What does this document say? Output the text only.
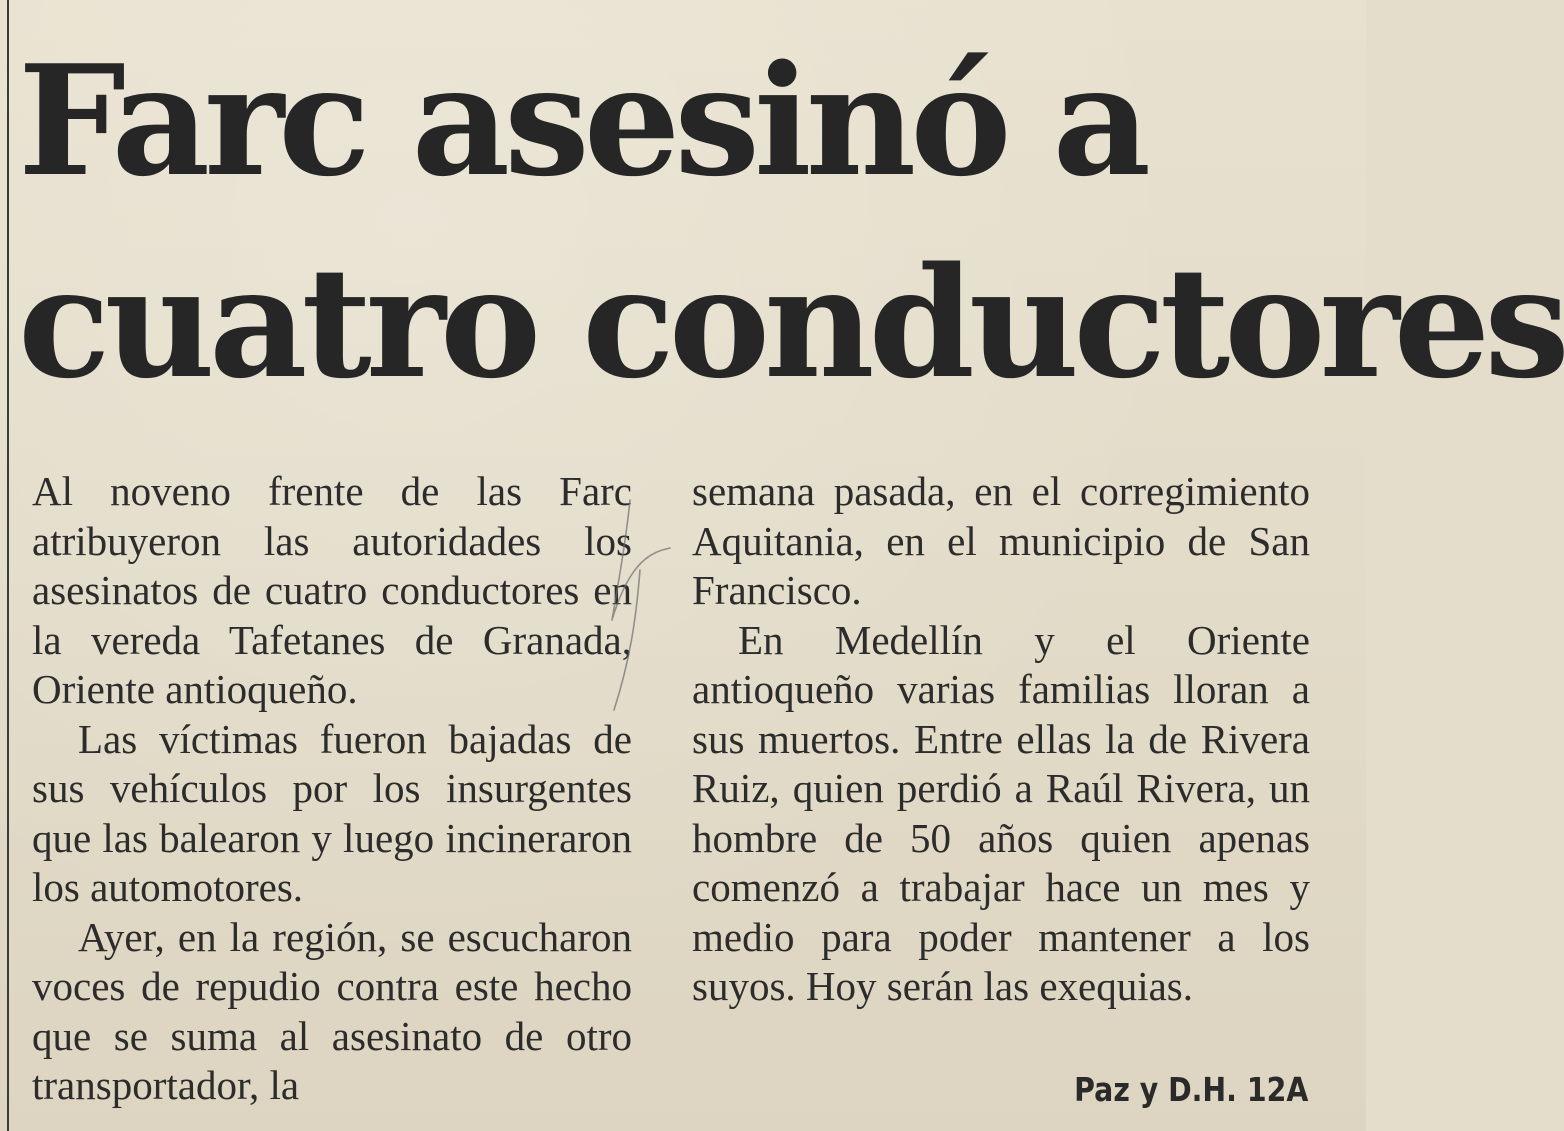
Farc asesinó a
cuatro conductores

Al noveno frente de las Farc atribuyeron las autoridades los asesinatos de cuatro conductores en la vereda Tafetanes de Granada, Oriente antioqueño.

Las víctimas fueron bajadas de sus vehículos por los insurgentes que las balearon y luego incineraron los automotores.

Ayer, en la región, se escucharon voces de repudio contra este hecho que se suma al asesinato de otro transportador, la

semana pasada, en el corregimiento Aquitania, en el municipio de San Francisco.

En Medellín y el Oriente antioqueño varias familias lloran a sus muertos. Entre ellas la de Rivera Ruiz, quien perdió a Raúl Rivera, un hombre de 50 años quien apenas comenzó a trabajar hace un mes y medio para poder mantener a los suyos. Hoy serán las exequias.

Paz y D.H. 12A
